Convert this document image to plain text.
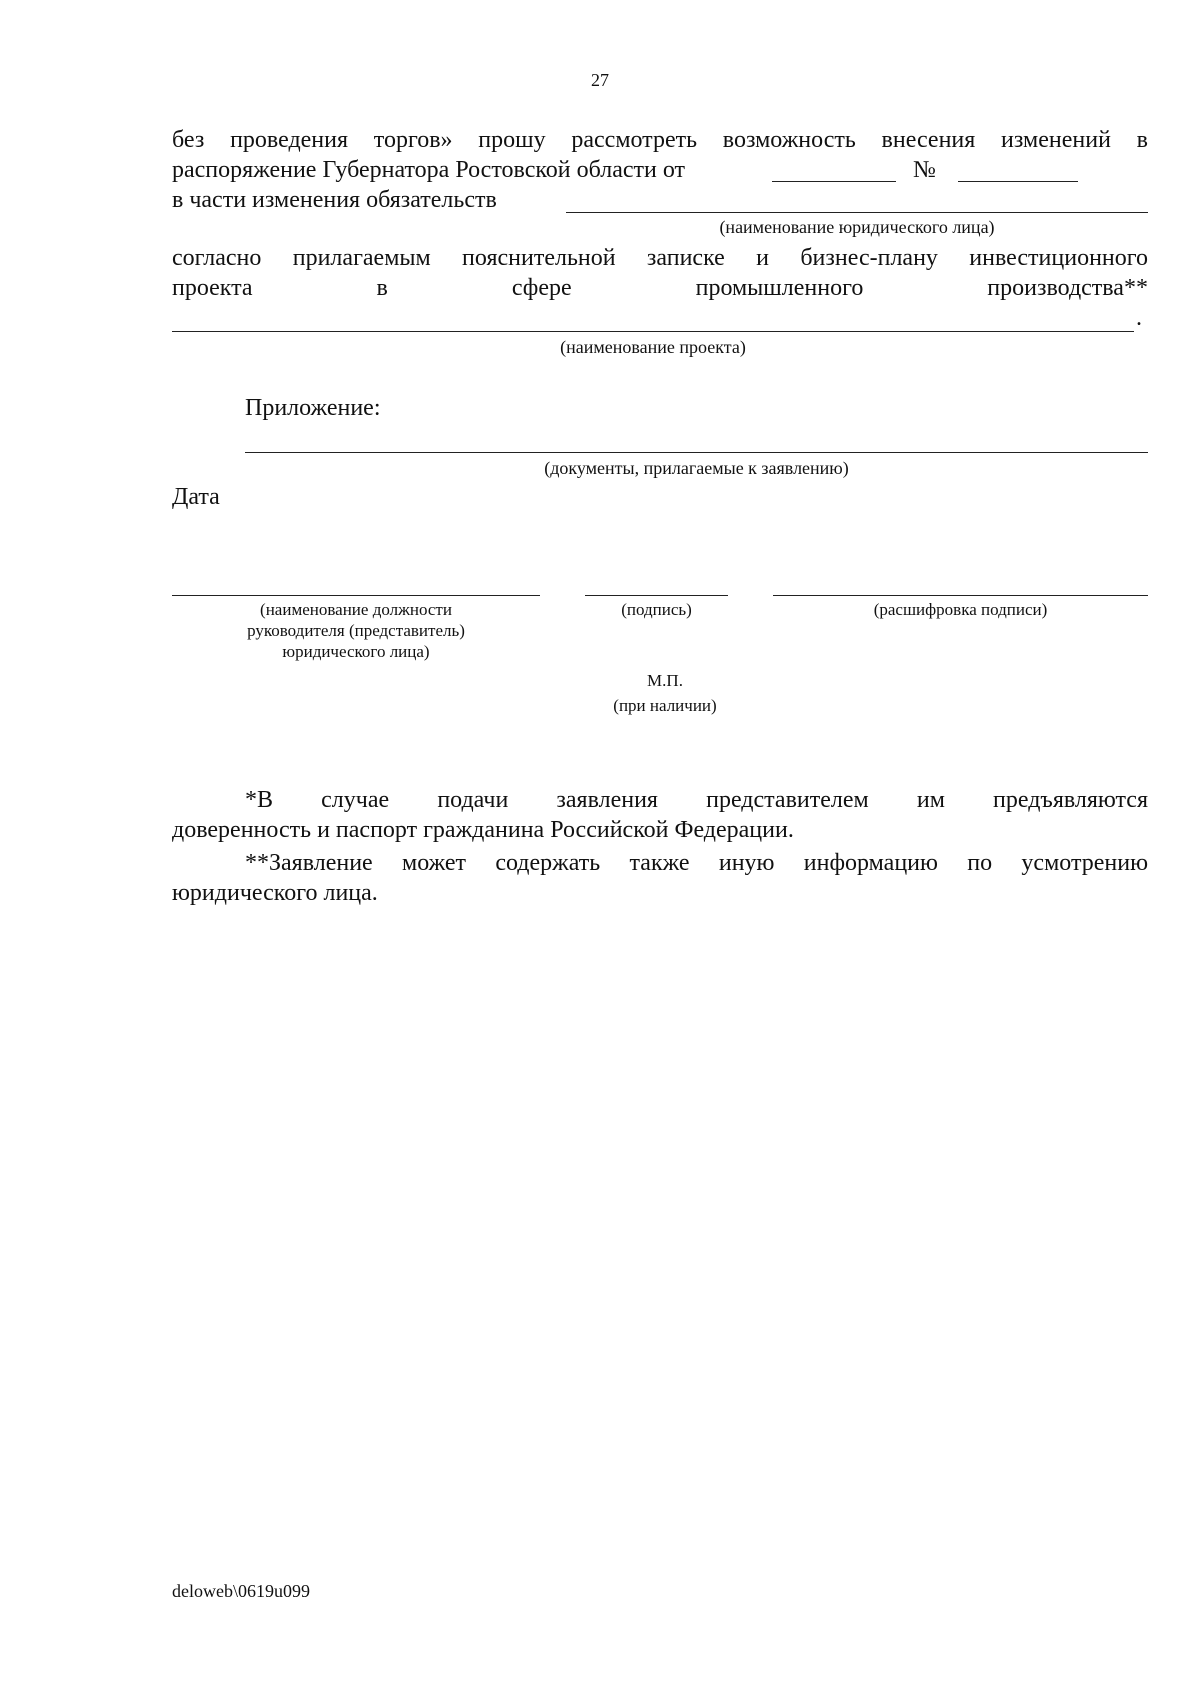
27
без проведения торгов» прошу рассмотреть возможность внесения изменений в
распоряжение Губернатора Ростовской области от	№
в части изменения обязательств
(наименование юридического лица)
согласно прилагаемым пояснительной записке и бизнес-плану инвестиционного
проекта	в	сфере	промышленного	производства**
.
(наименование проекта)
Приложение:
(документы, прилагаемые к заявлению)
Дата
(наименование должности
руководителя (представитель)
юридического лица)
(подпись)	(расшифровка подписи)
М.П.
(при наличии)
*В случае подачи заявления представителем им предъявляются
доверенность и паспорт гражданина Российской Федерации.
**Заявление может содержать также иную информацию по усмотрению
юридического лица.
deloweb\0619u099
